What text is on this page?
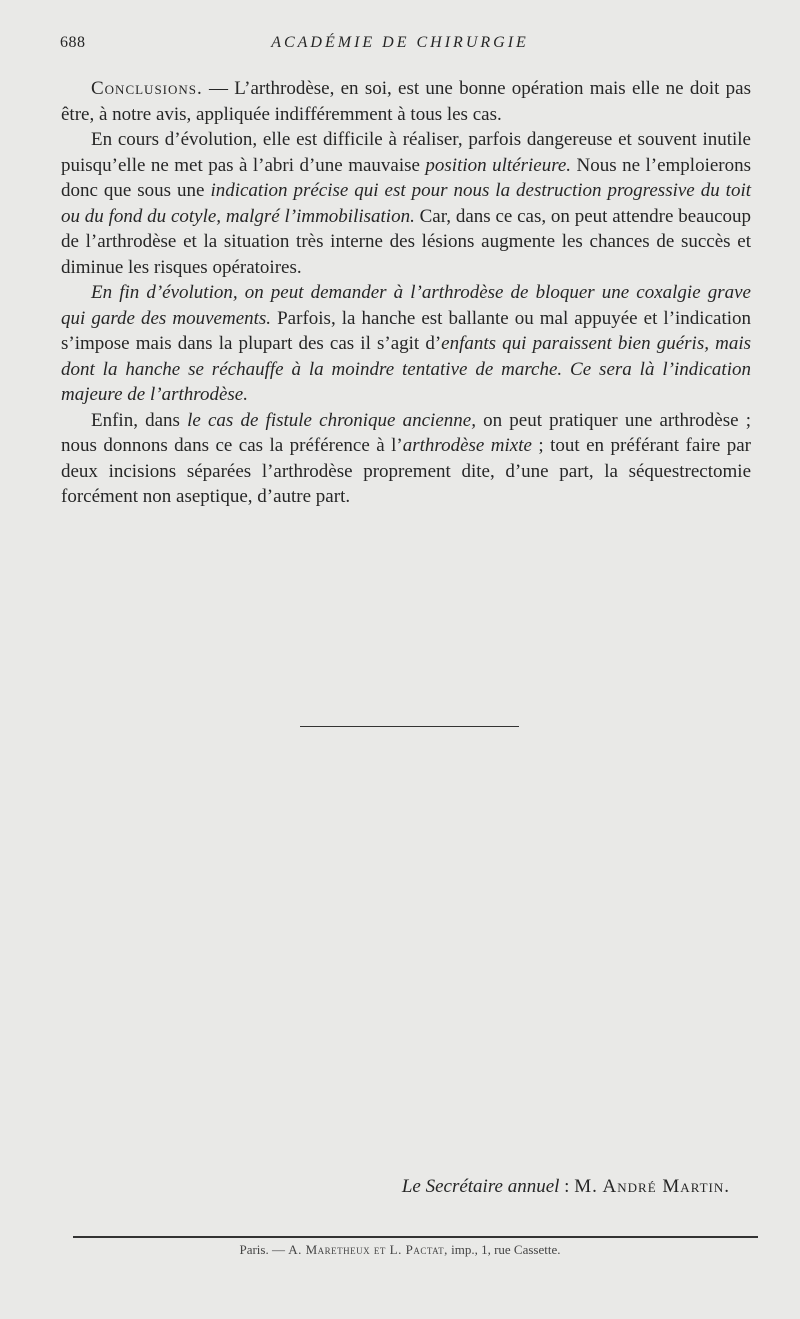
688	ACADÉMIE DE CHIRURGIE

Conclusions. — L’arthrodèse, en soi, est une bonne opération mais elle ne doit pas être, à notre avis, appliquée indifféremment à tous les cas.

En cours d’évolution, elle est difficile à réaliser, parfois dangereuse et souvent inutile puisqu’elle ne met pas à l’abri d’une mauvaise position ultérieure. Nous ne l’emploierons donc que sous une indication précise qui est pour nous la destruction progressive du toit ou du fond du cotyle, malgré l’immobilisation. Car, dans ce cas, on peut attendre beaucoup de l’arthrodèse et la situation très interne des lésions augmente les chances de succès et diminue les risques opératoires.

En fin d’évolution, on peut demander à l’arthrodèse de bloquer une coxalgie grave qui garde des mouvements. Parfois, la hanche est ballante ou mal appuyée et l’indication s’impose mais dans la plupart des cas il s’agit d’enfants qui paraissent bien guéris, mais dont la hanche se réchauffe à la moindre tentative de marche. Ce sera là l’indication majeure de l’arthrodèse.

Enfin, dans le cas de fistule chronique ancienne, on peut pratiquer une arthrodèse ; nous donnons dans ce cas la préférence à l’arthrodèse mixte ; tout en préférant faire par deux incisions séparées l’arthrodèse proprement dite, d’une part, la séquestrectomie forcément non aseptique, d’autre part.

Le Secrétaire annuel : M. André Martin.
Paris. — A. Maretheux et L. Pactat, imp., 1, rue Cassette.
